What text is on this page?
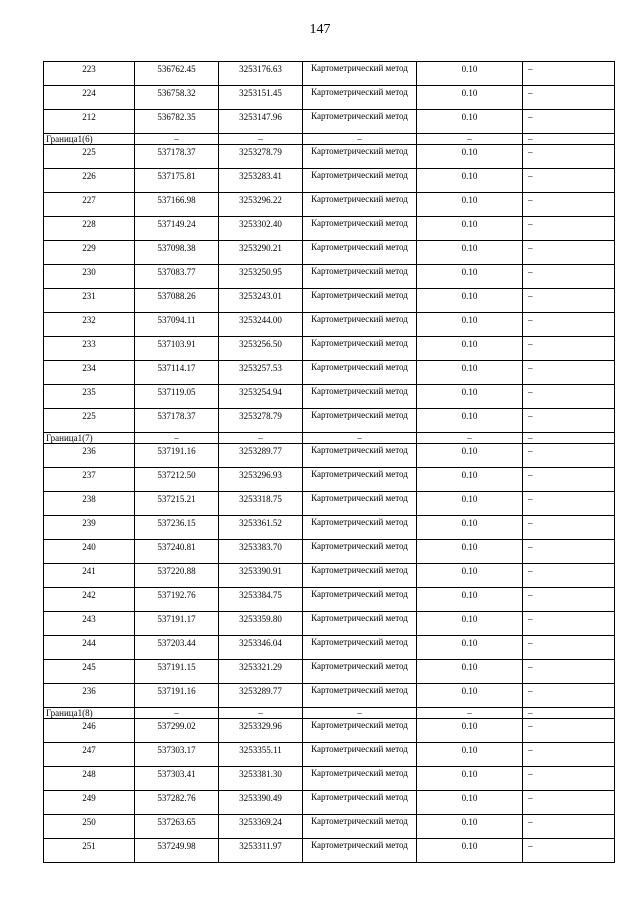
147
223	536762.45	3253176.63	Картометрический метод	0.10	–
224	536758.32	3253151.45	Картометрический метод	0.10	–
212	536782.35	3253147.96	Картометрический метод	0.10	–
Граница1(6)	–	–	–	–	–
225	537178.37	3253278.79	Картометрический метод	0.10	–
226	537175.81	3253283.41	Картометрический метод	0.10	–
227	537166.98	3253296.22	Картометрический метод	0.10	–
228	537149.24	3253302.40	Картометрический метод	0.10	–
229	537098.38	3253290.21	Картометрический метод	0.10	–
230	537083.77	3253250.95	Картометрический метод	0.10	–
231	537088.26	3253243.01	Картометрический метод	0.10	–
232	537094.11	3253244.00	Картометрический метод	0.10	–
233	537103.91	3253256.50	Картометрический метод	0.10	–
234	537114.17	3253257.53	Картометрический метод	0.10	–
235	537119.05	3253254.94	Картометрический метод	0.10	–
225	537178.37	3253278.79	Картометрический метод	0.10	–
Граница1(7)	–	–	–	–	–
236	537191.16	3253289.77	Картометрический метод	0.10	–
237	537212.50	3253296.93	Картометрический метод	0.10	–
238	537215.21	3253318.75	Картометрический метод	0.10	–
239	537236.15	3253361.52	Картометрический метод	0.10	–
240	537240.81	3253383.70	Картометрический метод	0.10	–
241	537220.88	3253390.91	Картометрический метод	0.10	–
242	537192.76	3253384.75	Картометрический метод	0.10	–
243	537191.17	3253359.80	Картометрический метод	0.10	–
244	537203.44	3253346.04	Картометрический метод	0.10	–
245	537191.15	3253321.29	Картометрический метод	0.10	–
236	537191.16	3253289.77	Картометрический метод	0.10	–
Граница1(8)	–	–	–	–	–
246	537299.02	3253329.96	Картометрический метод	0.10	–
247	537303.17	3253355.11	Картометрический метод	0.10	–
248	537303.41	3253381.30	Картометрический метод	0.10	–
249	537282.76	3253390.49	Картометрический метод	0.10	–
250	537263.65	3253369.24	Картометрический метод	0.10	–
251	537249.98	3253311.97	Картометрический метод	0.10	–
